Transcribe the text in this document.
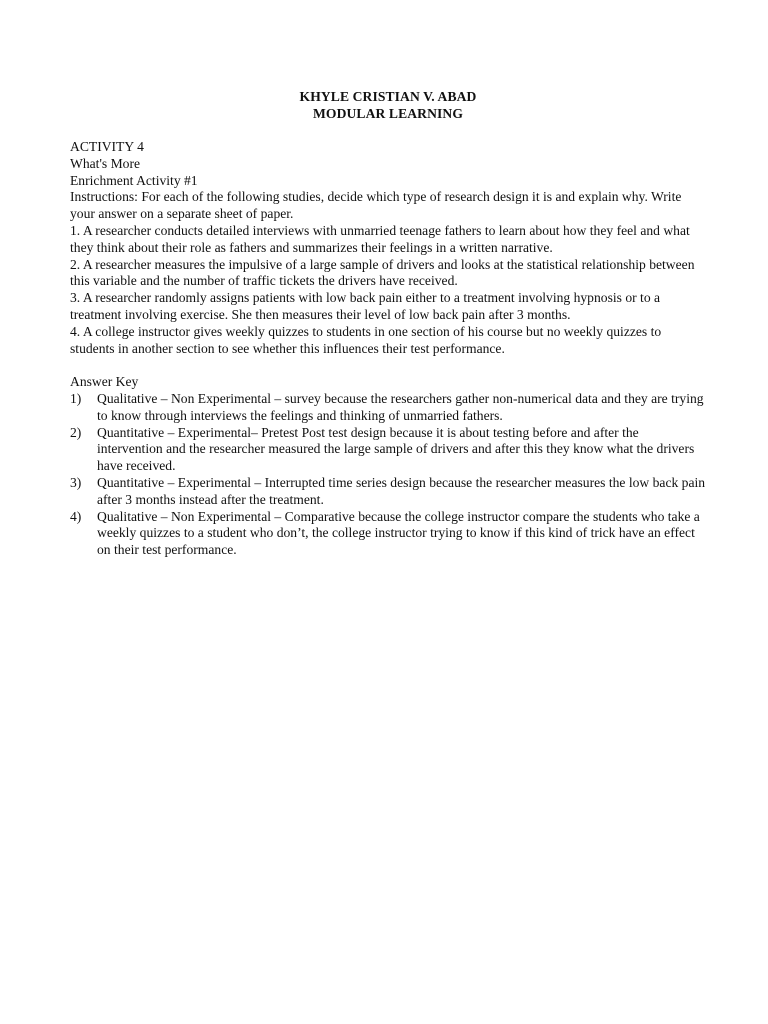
KHYLE CRISTIAN V. ABAD
MODULAR LEARNING

ACTIVITY 4

What's More

Enrichment Activity #1

Instructions: For each of the following studies, decide which type of research design it is and explain why. Write your answer on a separate sheet of paper.

1. A researcher conducts detailed interviews with unmarried teenage fathers to learn about how they feel and what they think about their role as fathers and summarizes their feelings in a written narrative.

2. A researcher measures the impulsive of a large sample of drivers and looks at the statistical relationship between this variable and the number of traffic tickets the drivers have received.

3. A researcher randomly assigns patients with low back pain either to a treatment involving hypnosis or to a treatment involving exercise. She then measures their level of low back pain after 3 months.

4. A college instructor gives weekly quizzes to students in one section of his course but no weekly quizzes to students in another section to see whether this influences their test performance.

Answer Key

1)	Qualitative – Non Experimental – survey because the researchers gather non-numerical data and they are trying to know through interviews the feelings and thinking of unmarried fathers.
2)	Quantitative – Experimental– Pretest Post test design because it is about testing before and after the intervention and the researcher measured the large sample of drivers and after this they know what the drivers have received.
3)	Quantitative – Experimental – Interrupted time series design because the researcher measures the low back pain after 3 months instead after the treatment.
4)	Qualitative – Non Experimental – Comparative because the college instructor compare the students who take a weekly quizzes to a student who don’t, the college instructor trying to know if this kind of trick have an effect on their test performance.
